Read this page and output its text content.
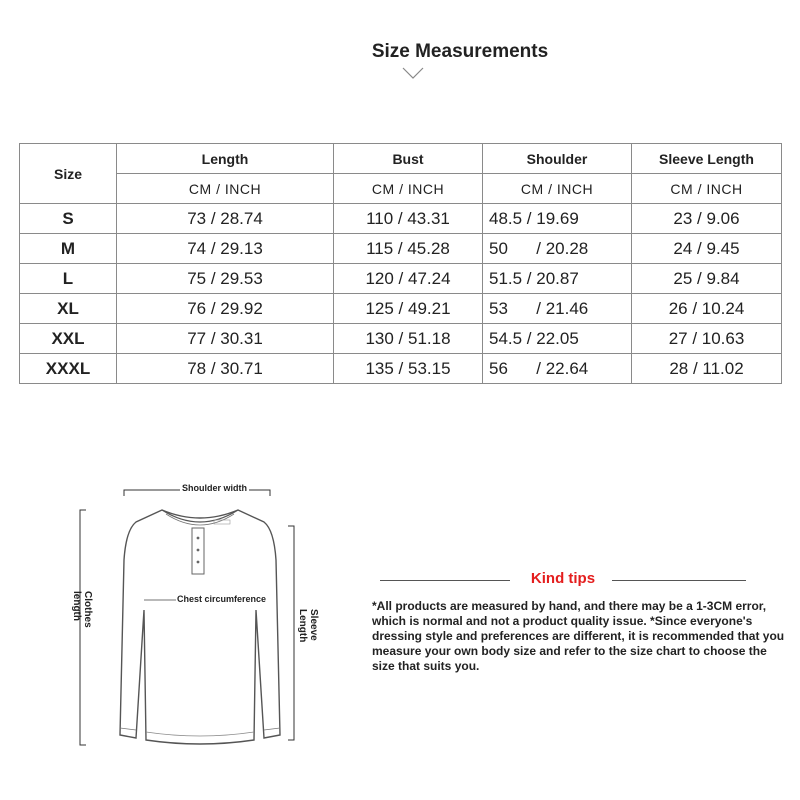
Size Measurements
Size	Length	Bust	Shoulder	Sleeve Length
	CM / INCH	CM / INCH	CM / INCH	CM / INCH
S	73 / 28.74	110 / 43.31	48.5 / 19.69	23 / 9.06
M	74 / 29.13	115 / 45.28	50      / 20.28	24 / 9.45
L	75 / 29.53	120 / 47.24	51.5 / 20.87	25 / 9.84
XL	76 / 29.92	125 / 49.21	53      / 21.46	26 / 10.24
XXL	77 / 30.31	130 / 51.18	54.5 / 22.05	27 / 10.63
XXXL	78 / 30.71	135 / 53.15	56      / 22.64	28 / 11.02
Shoulder width
Chest circumference
Clothes
length
Sleeve
Length
Kind tips
*All products are measured by hand, and there may be a 1-3CM error, which is normal and not a product quality issue. *Since everyone's dressing style and preferences are different, it is recommended that you measure your own body size and refer to the size chart to choose the size that suits you.
